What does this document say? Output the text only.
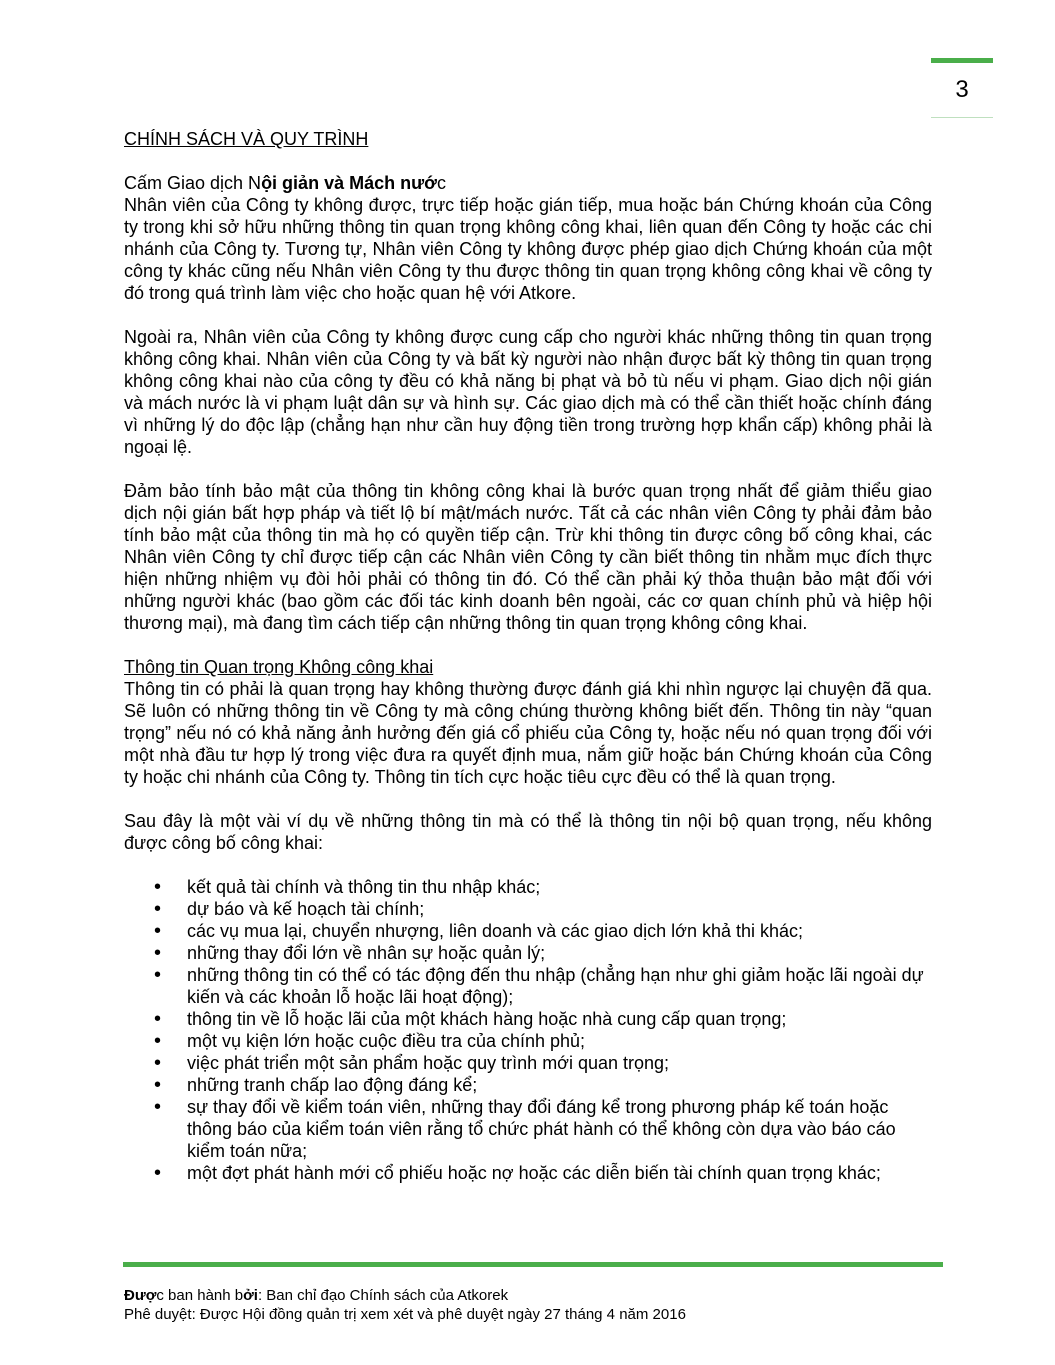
3

CHÍNH SÁCH VÀ QUY TRÌNH

Cấm Giao dịch Nội giản và Mách nước

Nhân viên của Công ty không được, trực tiếp hoặc gián tiếp, mua hoặc bán Chứng khoán của Công ty trong khi sở hữu những thông tin quan trọng không công khai, liên quan đến Công ty hoặc các chi nhánh của Công ty. Tương tự, Nhân viên Công ty không được phép giao dịch Chứng khoán của một công ty khác cũng nếu Nhân viên Công ty thu được thông tin quan trọng không công khai về công ty đó trong quá trình làm việc cho hoặc quan hệ với Atkore.

Ngoài ra, Nhân viên của Công ty không được cung cấp cho người khác những thông tin quan trọng không công khai. Nhân viên của Công ty và bất kỳ người nào nhận được bất kỳ thông tin quan trọng không công khai nào của công ty đều có khả năng bị phạt và bỏ tù nếu vi phạm. Giao dịch nội gián và mách nước là vi phạm luật dân sự và hình sự. Các giao dịch mà có thể cần thiết hoặc chính đáng vì những lý do độc lập (chẳng hạn như cần huy động tiền trong trường hợp khẩn cấp) không phải là ngoại lệ.

Đảm bảo tính bảo mật của thông tin không công khai là bước quan trọng nhất để giảm thiểu giao dịch nội gián bất hợp pháp và tiết lộ bí mật/mách nước. Tất cả các nhân viên Công ty phải đảm bảo tính bảo mật của thông tin mà họ có quyền tiếp cận. Trừ khi thông tin được công bố công khai, các Nhân viên Công ty chỉ được tiếp cận các Nhân viên Công ty cần biết thông tin nhằm mục đích thực hiện những nhiệm vụ đòi hỏi phải có thông tin đó. Có thể cần phải ký thỏa thuận bảo mật đối với những người khác (bao gồm các đối tác kinh doanh bên ngoài, các cơ quan chính phủ và hiệp hội thương mại), mà đang tìm cách tiếp cận những thông tin quan trọng không công khai.

Thông tin Quan trọng Không công khai

Thông tin có phải là quan trọng hay không thường được đánh giá khi nhìn ngược lại chuyện đã qua. Sẽ luôn có những thông tin về Công ty mà công chúng thường không biết đến. Thông tin này “quan trọng” nếu nó có khả năng ảnh hưởng đến giá cổ phiếu của Công ty, hoặc nếu nó quan trọng đối với một nhà đầu tư hợp lý trong việc đưa ra quyết định mua, nắm giữ hoặc bán Chứng khoán của Công ty hoặc chi nhánh của Công ty. Thông tin tích cực hoặc tiêu cực đều có thể là quan trọng.

Sau đây là một vài ví dụ về những thông tin mà có thể là thông tin nội bộ quan trọng, nếu không được công bố công khai:

• kết quả tài chính và thông tin thu nhập khác;
• dự báo và kế hoạch tài chính;
• các vụ mua lại, chuyển nhượng, liên doanh và các giao dịch lớn khả thi khác;
• những thay đổi lớn về nhân sự hoặc quản lý;
• những thông tin có thể có tác động đến thu nhập (chẳng hạn như ghi giảm hoặc lãi ngoài dự kiến và các khoản lỗ hoặc lãi hoạt động);
• thông tin về lỗ hoặc lãi của một khách hàng hoặc nhà cung cấp quan trọng;
• một vụ kiện lớn hoặc cuộc điều tra của chính phủ;
• việc phát triển một sản phẩm hoặc quy trình mới quan trọng;
• những tranh chấp lao động đáng kể;
• sự thay đổi về kiểm toán viên, những thay đổi đáng kể trong phương pháp kế toán hoặc thông báo của kiểm toán viên rằng tổ chức phát hành có thể không còn dựa vào báo cáo kiểm toán nữa;
• một đợt phát hành mới cổ phiếu hoặc nợ hoặc các diễn biến tài chính quan trọng khác;
Được ban hành bởi: Ban chỉ đạo Chính sách của Atkorek
Phê duyệt: Được Hội đồng quản trị xem xét và phê duyệt ngày 27 tháng 4 năm 2016
